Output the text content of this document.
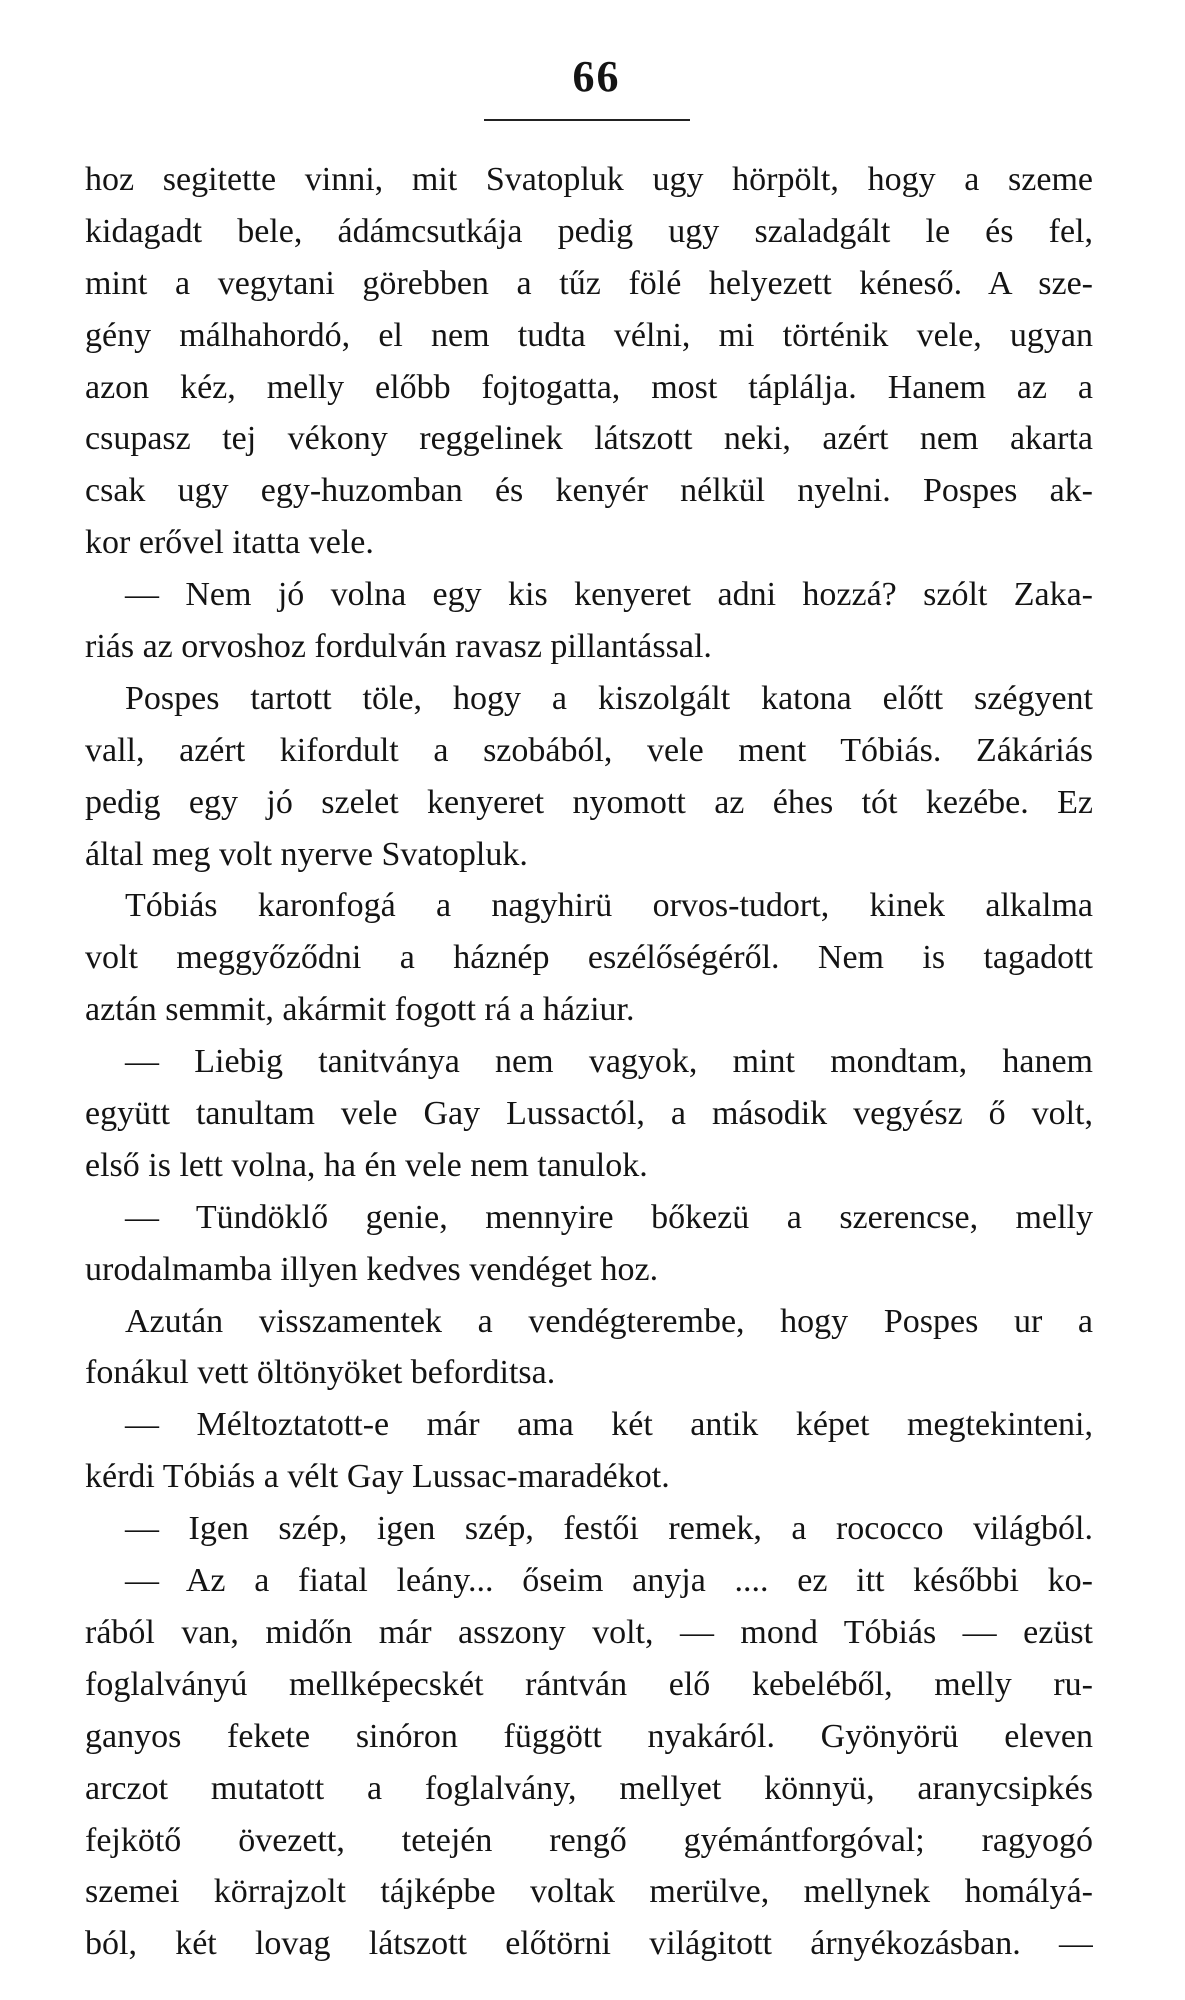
66
hoz segitette vinni, mit Svatopluk ugy hörpölt, hogy a szeme
kidagadt bele, ádámcsutkája pedig ugy szaladgált le és fel,
mint a vegytani görebben a tűz fölé helyezett kéneső. A sze-
gény málhahordó, el nem tudta vélni, mi történik vele, ugyan
azon kéz, melly előbb fojtogatta, most táplálja. Hanem az a
csupasz tej vékony reggelinek látszott neki, azért nem akarta
csak ugy egy-huzomban és kenyér nélkül nyelni. Pospes ak-
kor erővel itatta vele.
— Nem jó volna egy kis kenyeret adni hozzá? szólt Zaka-
riás az orvoshoz fordulván ravasz pillantással.
Pospes tartott töle, hogy a kiszolgált katona előtt szégyent
vall, azért kifordult a szobából, vele ment Tóbiás. Zákáriás
pedig egy jó szelet kenyeret nyomott az éhes tót kezébe. Ez
által meg volt nyerve Svatopluk.
Tóbiás karonfogá a nagyhirü orvos-tudort, kinek alkalma
volt meggyőződni a háznép eszélőségéről. Nem is tagadott
aztán semmit, akármit fogott rá a háziur.
— Liebig tanitványa nem vagyok, mint mondtam, hanem
együtt tanultam vele Gay Lussactól, a második vegyész ő volt,
első is lett volna, ha én vele nem tanulok.
— Tündöklő genie, mennyire bőkezü a szerencse, melly
urodalmamba illyen kedves vendéget hoz.
Azután visszamentek a vendégterembe, hogy Pospes ur a
fonákul vett öltönyöket beforditsa.
— Méltoztatott-e már ama két antik képet megtekinteni,
kérdi Tóbiás a vélt Gay Lussac-maradékot.
— Igen szép, igen szép, festői remek, a rococco világból.
— Az a fiatal leány... őseim anyja .... ez itt későbbi ko-
rából van, midőn már asszony volt, — mond Tóbiás — ezüst
foglalványú mellképecskét rántván elő kebeléből, melly ru-
ganyos fekete sinóron függött nyakáról. Gyönyörü eleven
arczot mutatott a foglalvány, mellyet könnyü, aranycsipkés
fejkötő övezett, tetején rengő gyémántforgóval; ragyogó
szemei körrajzolt tájképbe voltak merülve, mellynek homályá-
ból, két lovag látszott előtörni világitott árnyékozásban. —
